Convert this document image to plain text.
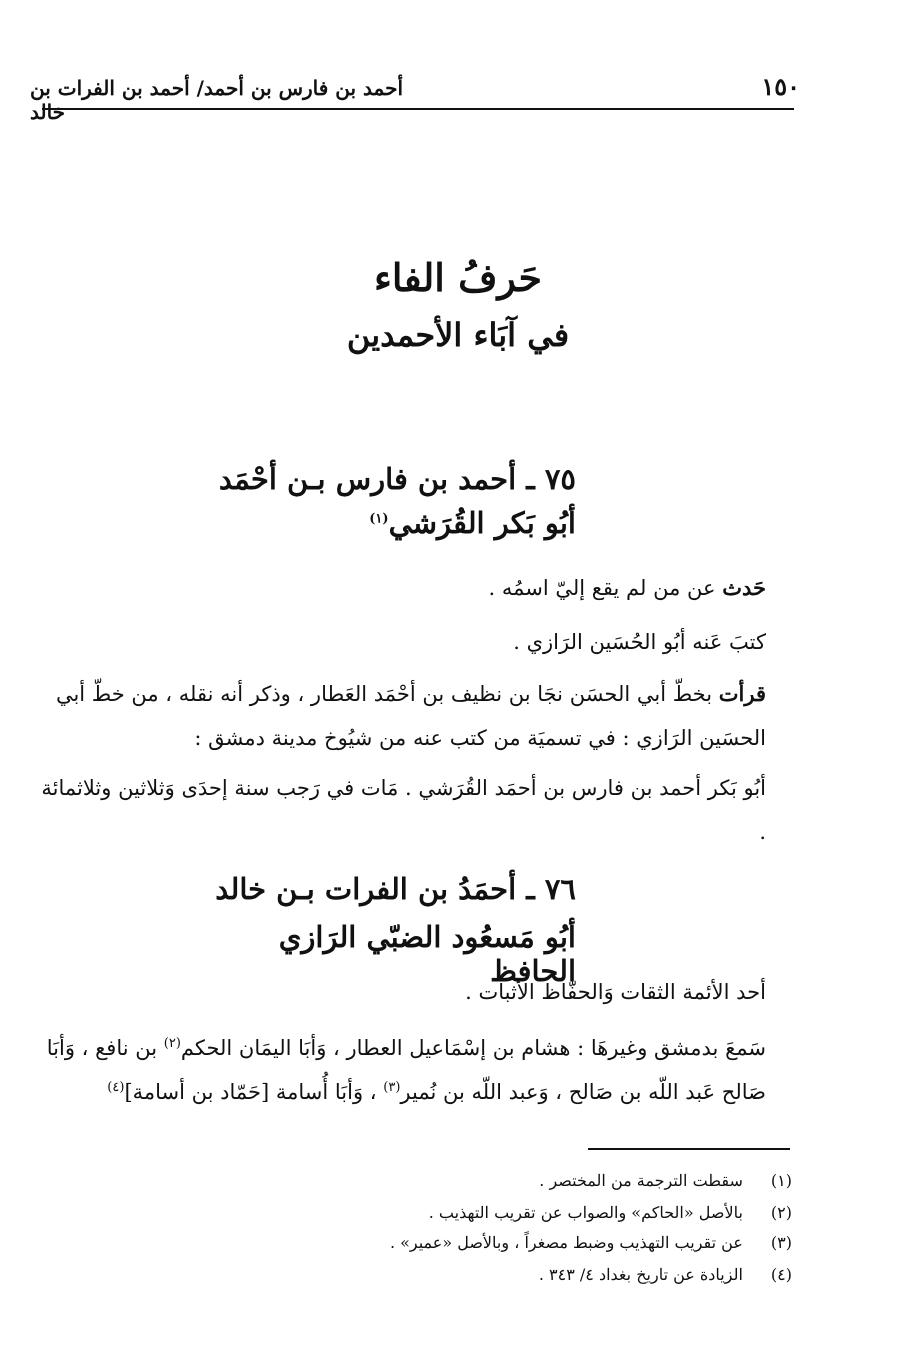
١٥٠
أحمد بن فارس بن أحمد/ أحمد بن الفرات بن خالد
حَرفُ الفاء
في آبَاء الأحمدين
٧٥ ـ أحمد بن فارس بـن أحْمَد
أبُو بَكر القُرَشي$^{(١)}$
حَدث عن من لم يقع إليّ اسمُه .
كتبَ عَنه أبُو الحُسَين الرَازي .
قرأت بخطّ أبي الحسَن نجَا بن نظيف بن أحْمَد العَطار ، وذكر أنه نقله ، من خطّ أبي الحسَين الرَازي : في تسميَة من كتب عنه من شيُوخ مدينة دمشق :
أبُو بَكر أحمد بن فارس بن أحمَد القُرَشي . مَات في رَجب سنة إحدَى وَثلاثين وثلاثمائة .
٧٦ ـ أحمَدُ بن الفرات بـن خالد
أبُو مَسعُود الضبّي الرَازي الحافظ
أحد الأئمة الثقات وَالحفّاظ الأثبات .
سَمعَ بدمشق وغيرهَا : هشام بن إسْمَاعيل العطار ، وَأبَا اليمَان الحكم$^{(٢)}$ بن نافع ، وَأبَا صَالح عَبد اللّه بن صَالح ، وَعبد اللّه بن نُمير$^{(٣)}$ ، وَأبَا أُسامة [حَمّاد بن أسامة]$^{(٤)}$
(١) سقطت الترجمة من المختصر .
(٢) بالأصل «الحاكم» والصواب عن تقريب التهذيب .
(٣) عن تقريب التهذيب وضبط مصغراً ، وبالأصل «عمير» .
(٤) الزيادة عن تاريخ بغداد ٤/ ٣٤٣ .
